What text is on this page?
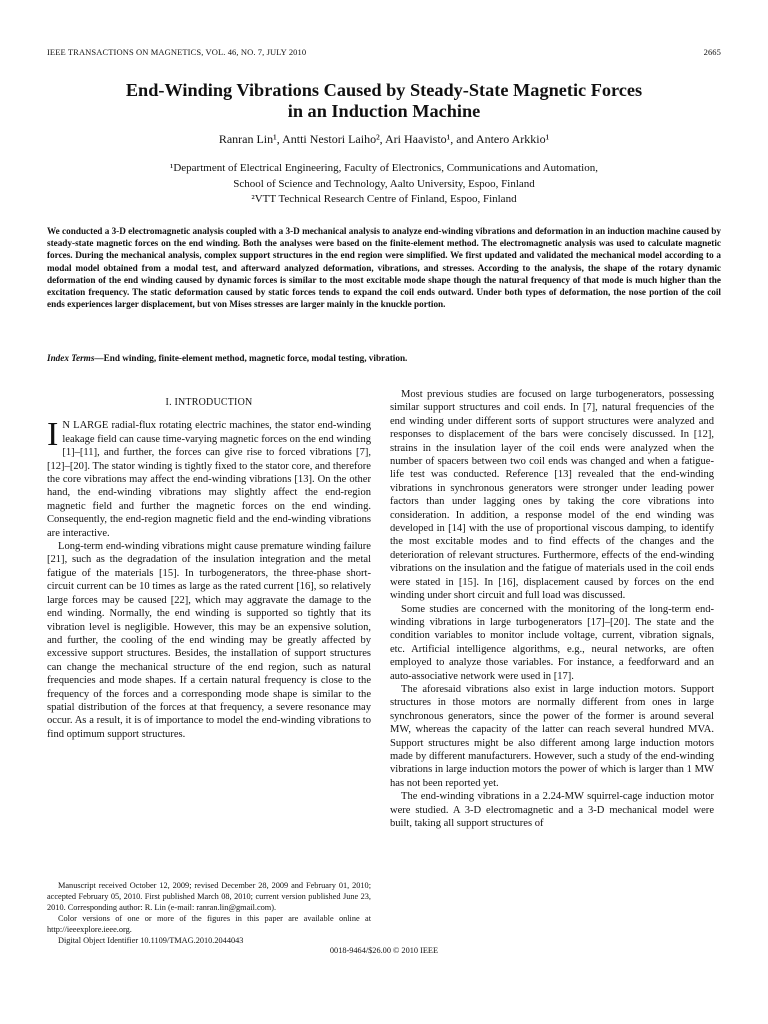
IEEE TRANSACTIONS ON MAGNETICS, VOL. 46, NO. 7, JULY 2010	2665
End-Winding Vibrations Caused by Steady-State Magnetic Forces
in an Induction Machine
Ranran Lin¹, Antti Nestori Laiho², Ari Haavisto¹, and Antero Arkkio¹
¹Department of Electrical Engineering, Faculty of Electronics, Communications and Automation,
School of Science and Technology, Aalto University, Espoo, Finland
²VTT Technical Research Centre of Finland, Espoo, Finland
We conducted a 3-D electromagnetic analysis coupled with a 3-D mechanical analysis to analyze end-winding vibrations and deformation in an induction machine caused by steady-state magnetic forces on the end winding. Both the analyses were based on the finite-element method. The electromagnetic analysis was used to calculate magnetic forces. During the mechanical analysis, complex support structures in the end region were simplified. We first updated and validated the mechanical model according to a modal model obtained from a modal test, and afterward analyzed deformation, vibrations, and stresses. According to the analysis, the shape of the rotary dynamic deformation of the end winding caused by dynamic forces is similar to the most excitable mode shape though the natural frequency of that mode is much higher than the excitation frequency. The static deformation caused by static forces tends to expand the coil ends outward. Under both types of deformation, the nose portion of the coil ends experiences larger displacement, but von Mises stresses are larger mainly in the knuckle portion.
Index Terms—End winding, finite-element method, magnetic force, modal testing, vibration.
I. INTRODUCTION

I N LARGE radial-flux rotating electric machines, the stator end-winding leakage field can cause time-varying magnetic forces on the end winding [1]–[11], and further, the forces can give rise to forced vibrations [7], [12]–[20]. The stator winding is tightly fixed to the stator core, and therefore the core vibrations may affect the end-winding vibrations [13]. On the other hand, the end-winding vibrations may slightly affect the end-region magnetic field and further the magnetic forces on the end winding. Consequently, the end-region magnetic field and the end-winding vibrations are interactive.

Long-term end-winding vibrations might cause premature winding failure [21], such as the degradation of the insulation integration and the metal fatigue of the materials [15]. In turbogenerators, the three-phase short-circuit current can be 10 times as large as the rated current [16], so relatively large forces may be caused [22], which may aggravate the damage to the end winding. Normally, the end winding is supported so tightly that its vibration level is negligible. However, this may be an expensive solution, and further, the cooling of the end winding may be greatly affected by excessive support structures. Besides, the installation of support structures can change the mechanical structure of the end region, such as natural frequencies and mode shapes. If a certain natural frequency is close to the frequency of the forces and a corresponding mode shape is similar to the spatial distribution of the forces at that frequency, a severe resonance may occur. As a result, it is of importance to model the end-winding vibrations to find optimum support structures.

Most previous studies are focused on large turbogenerators, possessing similar support structures and coil ends. In [7], natural frequencies of the end winding under different sorts of support structures were analyzed and responses to displacement of the bars were concisely discussed. In [12], strains in the insulation layer of the coil ends were analyzed when the number of spacers between two coil ends was changed and when a fatigue-life test was conducted. Reference [13] revealed that the end-winding vibrations in synchronous generators were stronger under leading power factors than under lagging ones by taking the core vibrations into consideration. In addition, a response model of the end winding was developed in [14] with the use of proportional viscous damping, to identify the most excitable modes and to find effects of the changes and the deterioration of relevant structures. Furthermore, effects of the end-winding vibrations on the insulation and the fatigue of materials used in the coil ends were stated in [15]. In [16], displacement caused by forces on the end winding under short circuit and full load was discussed.

Some studies are concerned with the monitoring of the long-term end-winding vibrations in large turbogenerators [17]–[20]. The state and the condition variables to monitor include voltage, current, vibration signals, etc. Artificial intelligence algorithms, e.g., neural networks, are often employed to analyze those variables. For instance, a feedforward and an auto-associative network were used in [17].

The aforesaid vibrations also exist in large induction motors. Support structures in those motors are normally different from ones in large synchronous generators, since the power of the former is around several MW, whereas the capacity of the latter can reach several hundred MVA. Support structures might be also different among large induction motors made by different manufacturers. However, such a study of the end-winding vibrations in large induction motors the power of which is larger than 1 MW has not been reported yet.

The end-winding vibrations in a 2.24-MW squirrel-cage induction motor were studied. A 3-D electromagnetic and a 3-D mechanical model were built, taking all support structures of

Manuscript received October 12, 2009; revised December 28, 2009 and February 01, 2010; accepted February 05, 2010. First published March 08, 2010; current version published June 23, 2010. Corresponding author: R. Lin (e-mail: ranran.lin@gmail.com).

Color versions of one or more of the figures in this paper are available online at http://ieeexplore.ieee.org.

Digital Object Identifier 10.1109/TMAG.2010.2044043

0018-9464/$26.00 © 2010 IEEE
